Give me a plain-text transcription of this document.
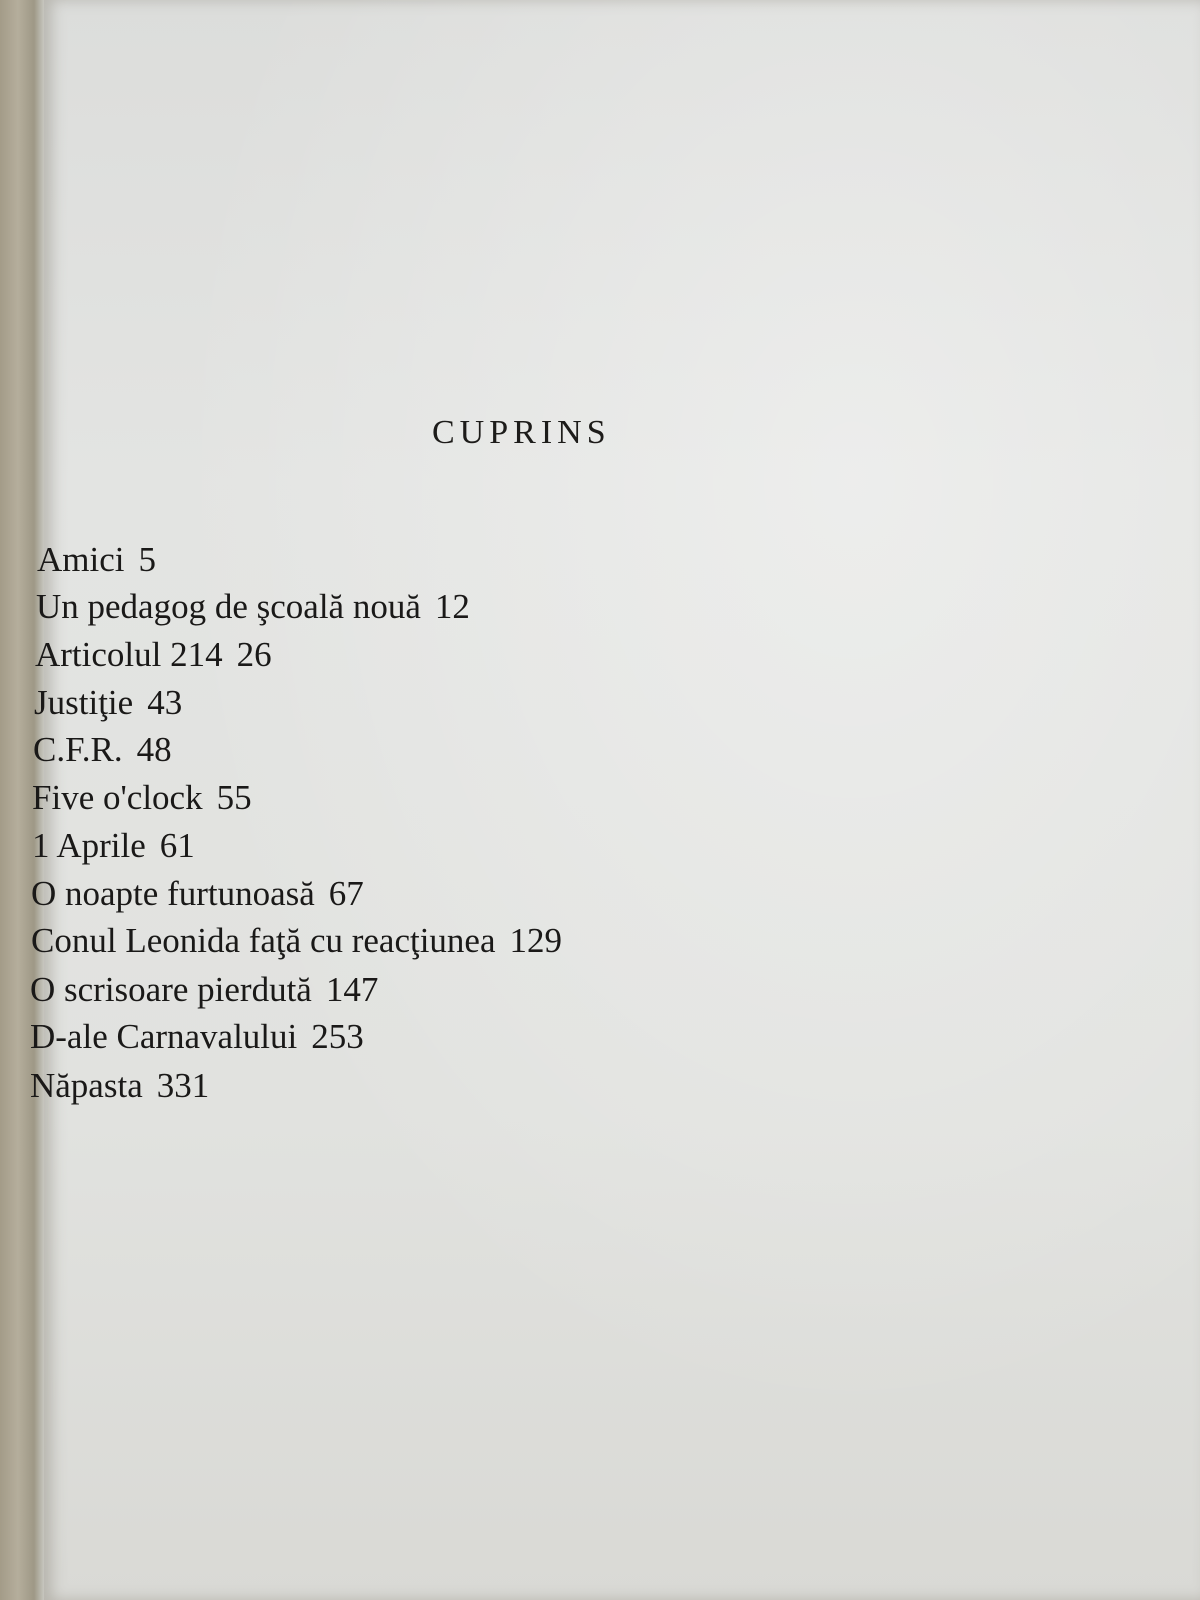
CUPRINS
Amici 5
Un pedagog de şcoală nouă 12
Articolul 214 26
Justiţie 43
C.F.R. 48
Five o'clock 55
1 Aprile 61
O noapte furtunoasă 67
Conul Leonida faţă cu reacţiunea 129
O scrisoare pierdută 147
D-ale Carnavalului 253
Năpasta 331
